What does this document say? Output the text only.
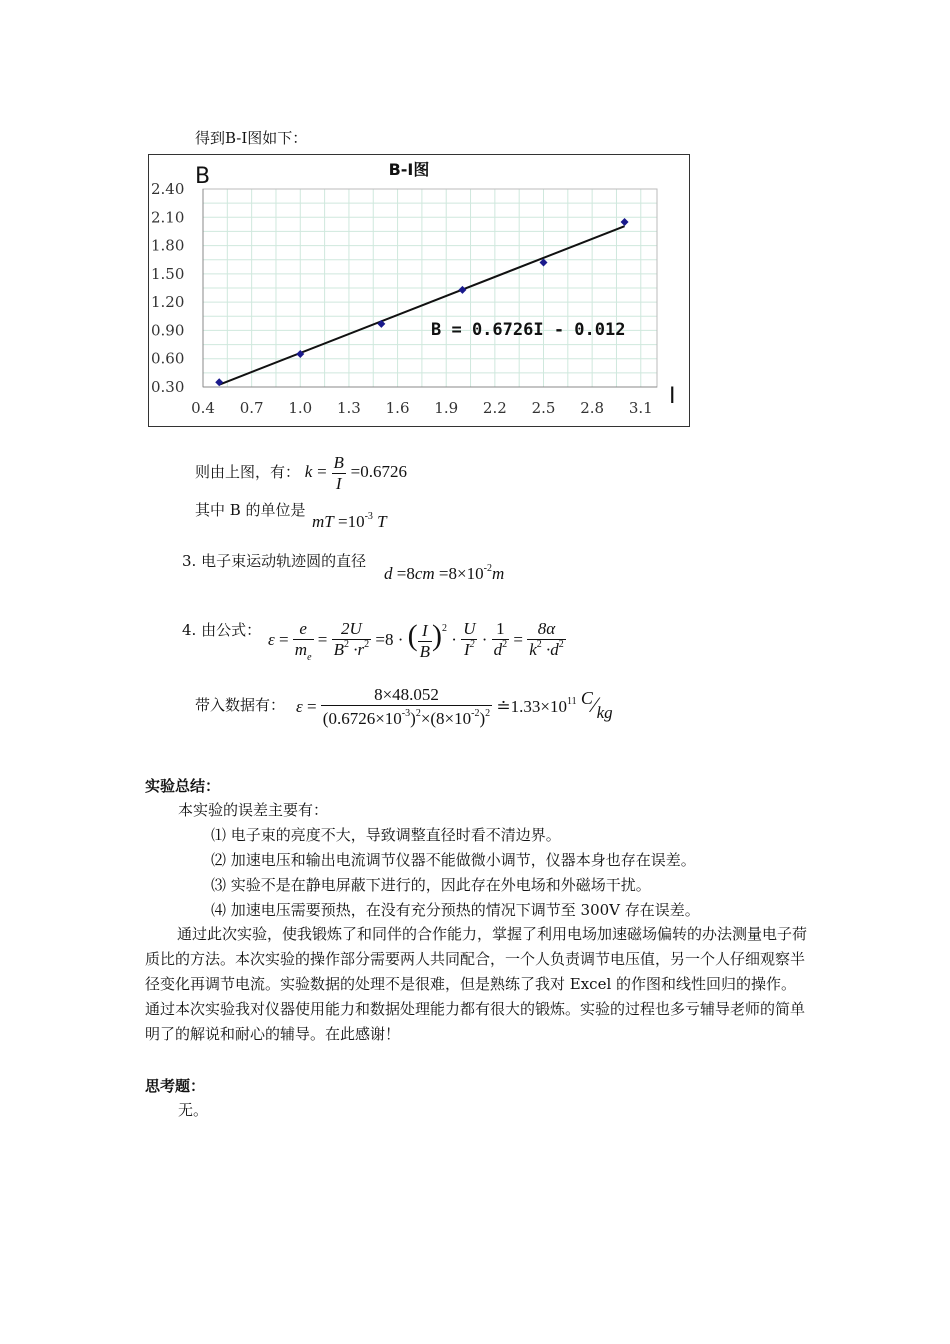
得到B-I图如下：
0.4 0.7 1.0 1.3 1.6 1.9 2.2 2.5 2.8 3.1
2.40
2.10
1.80
1.50
1.20
0.90
0.60
0.30
B-I图
B
I
B = 0.6726I - 0.012
则由上图，有： $k = \frac{B}{I} =0.6726$
其中 B 的单位是
mT $=10^{-3}$ T
3. 电子束运动轨迹圆的直径
$d =8cm =8\times 10^{-2}m$
4. 由公式： $\varepsilon = \frac{e}{m_e} = \frac{2U}{B^2 \cdot r^2} =8$ · ( $\frac{I}{B} )^2 \cdot \frac{U}{I^2} \cdot \frac{1}{d^2} = \frac{8\alpha}{k^2 \cdot d^2}$
带入数据有： $\varepsilon = \frac{8\times 48.052}{(0.6726\times 10^{-3})^2\times(8\times 10^{-2})^2}$ $≐1.33\times 10^{11}$ C⁄kg
实验总结：
本实验的误差主要有：
⑴ 电子束的亮度不大，导致调整直径时看不清边界。
⑵ 加速电压和输出电流调节仪器不能做微小调节，仪器本身也存在误差。
⑶ 实验不是在静电屏蔽下进行的，因此存在外电场和外磁场干扰。
⑷ 加速电压需要预热，在没有充分预热的情况下调节至 300V 存在误差。
通过此次实验，使我锻炼了和同伴的合作能力，掌握了利用电场加速磁场偏转的办法测量电子荷质比的方法。本次实验的操作部分需要两人共同配合，一个人负责调节电压值，另一个人仔细观察半径变化再调节电流。实验数据的处理不是很难，但是熟练了我对 Excel 的作图和线性回归的操作。通过本次实验我对仪器使用能力和数据处理能力都有很大的锻炼。实验的过程也多亏辅导老师的简单明了的解说和耐心的辅导。在此感谢！
思考题：
无。
